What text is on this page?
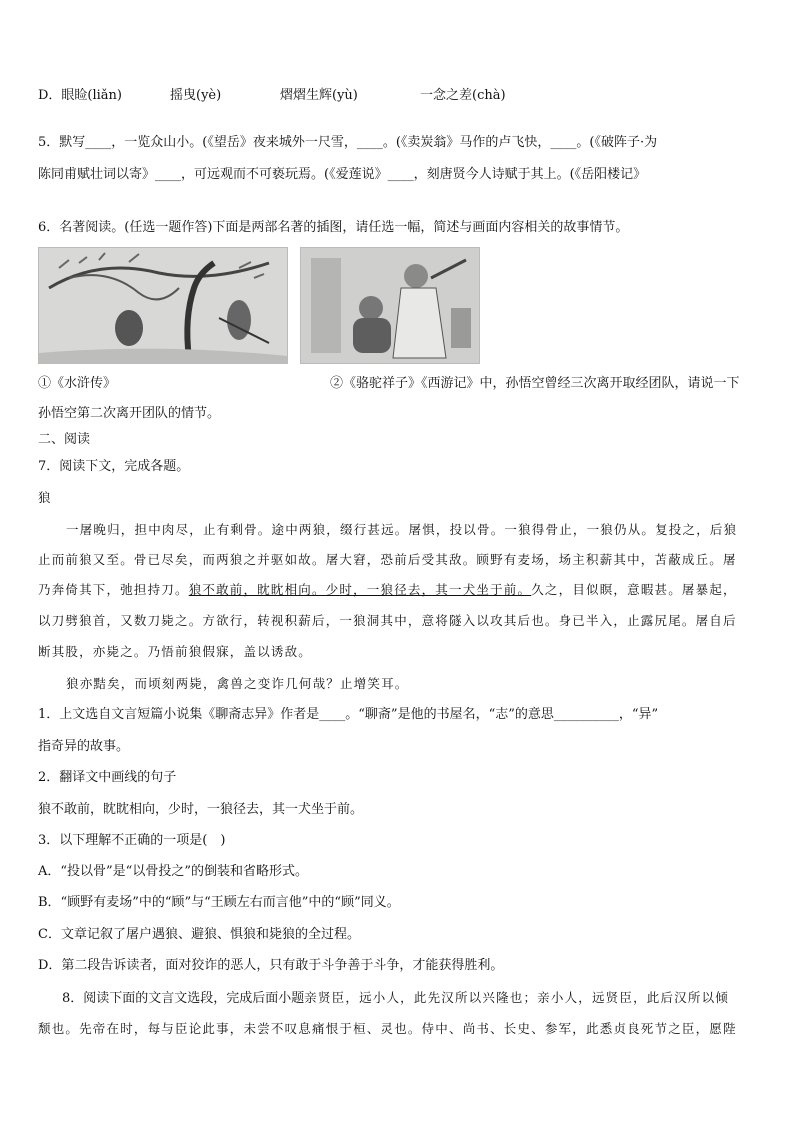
D．眼睑(liǎn)	摇曳(yè)	熠熠生辉(yù)	一念之差(chà)
5．默写____，一览众山小。(《望岳》夜来城外一尺雪，____。(《卖炭翁》马作的卢飞快，____。(《破阵子·为
陈同甫赋壮词以寄》____，可远观而不可亵玩焉。(《爱莲说》____，刻唐贤今人诗赋于其上。(《岳阳楼记》
6．名著阅读。(任选一题作答)下面是两部名著的插图，请任选一幅，简述与画面内容相关的故事情节。
①《水浒传》	②《骆驼祥子》《西游记》中，孙悟空曾经三次离开取经团队，请说一下
孙悟空第二次离开团队的情节。
二、阅读
7．阅读下文，完成各题。
狼
一屠晚归，担中肉尽，止有剩骨。途中两狼，缀行甚远。屠惧，投以骨。一狼得骨止，一狼仍从。复投之，后狼
止而前狼又至。骨已尽矣，而两狼之并驱如故。屠大窘，恐前后受其敌。顾野有麦场，场主积薪其中，苫蔽成丘。屠
乃奔倚其下，弛担持刀。狼不敢前，眈眈相向。少时，一狼径去，其一犬坐于前。久之，目似瞑，意暇甚。屠暴起，
以刀劈狼首，又数刀毙之。方欲行，转视积薪后，一狼洞其中，意将隧入以攻其后也。身已半入，止露尻尾。屠自后
断其股，亦毙之。乃悟前狼假寐，盖以诱敌。
狼亦黠矣，而顷刻两毙，禽兽之变诈几何哉？止增笑耳。
1．上文选自文言短篇小说集《聊斋志异》作者是____。“聊斋”是他的书屋名，“志”的意思__________，“异”
指奇异的故事。
2．翻译文中画线的句子
狼不敢前，眈眈相向，少时，一狼径去，其一犬坐于前。
3．以下理解不正确的一项是(　)
A．“投以骨”是“以骨投之”的倒装和省略形式。
B．“顾野有麦场”中的“顾”与“王顾左右而言他”中的“顾”同义。
C．文章记叙了屠户遇狼、避狼、惧狼和毙狼的全过程。
D．第二段告诉读者，面对狡诈的恶人，只有敢于斗争善于斗争，才能获得胜利。
8．阅读下面的文言文选段，完成后面小题亲贤臣，远小人，此先汉所以兴隆也；亲小人，远贤臣，此后汉所以倾
颓也。先帝在时，每与臣论此事，未尝不叹息痛恨于桓、灵也。侍中、尚书、长史、参军，此悉贞良死节之臣，愿陛
